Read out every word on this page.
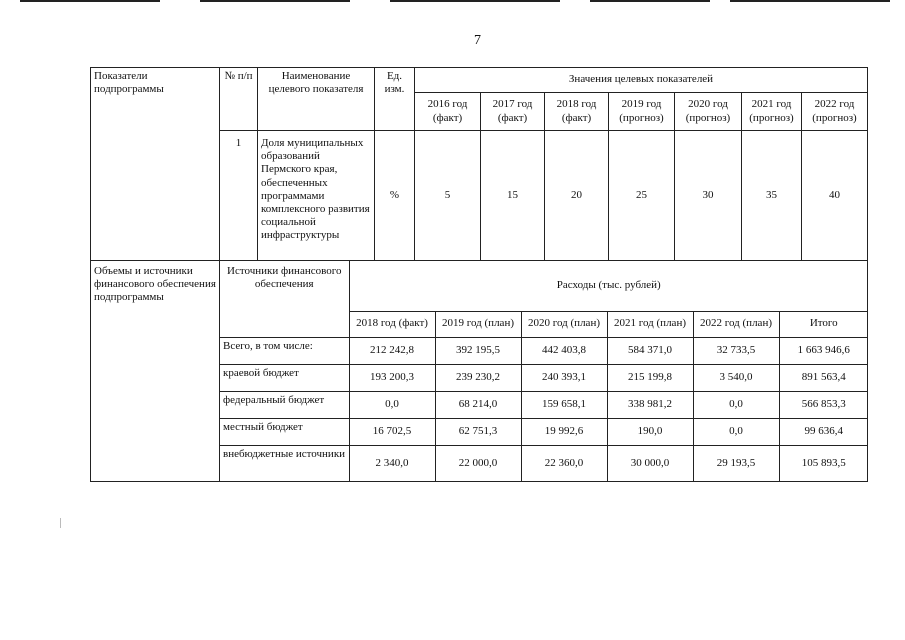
7
Показатели подпрограммы	№ п/п	Наименование целевого показателя	Ед. изм.	Значения целевых показателей
2016 год (факт)	2017 год (факт)	2018 год (факт)	2019 год (прогноз)	2020 год (прогноз)	2021 год (прогноз)	2022 год (прогноз)
1	Доля муниципальных образований Пермского края, обеспеченных программами комплексного развития социальной инфраструктуры	%	5	15	20	25	30	35	40
Объемы и источники финансового обеспечения подпрограммы	
Источники финансового обеспечения	Расходы (тыс. рублей)
2018 год (факт)	2019 год (план)	2020 год (план)	2021 год (план)	2022 год (план)	Итого
Всего, в том числе:	212 242,8	392 195,5	442 403,8	584 371,0	32 733,5	1 663 946,6
краевой бюджет	193 200,3	239 230,2	240 393,1	215 199,8	3 540,0	891 563,4
федеральный бюджет	0,0	68 214,0	159 658,1	338 981,2	0,0	566 853,3
местный бюджет	16 702,5	62 751,3	19 992,6	190,0	0,0	99 636,4
внебюджетные источники	2 340,0	22 000,0	22 360,0	30 000,0	29 193,5	105 893,5
